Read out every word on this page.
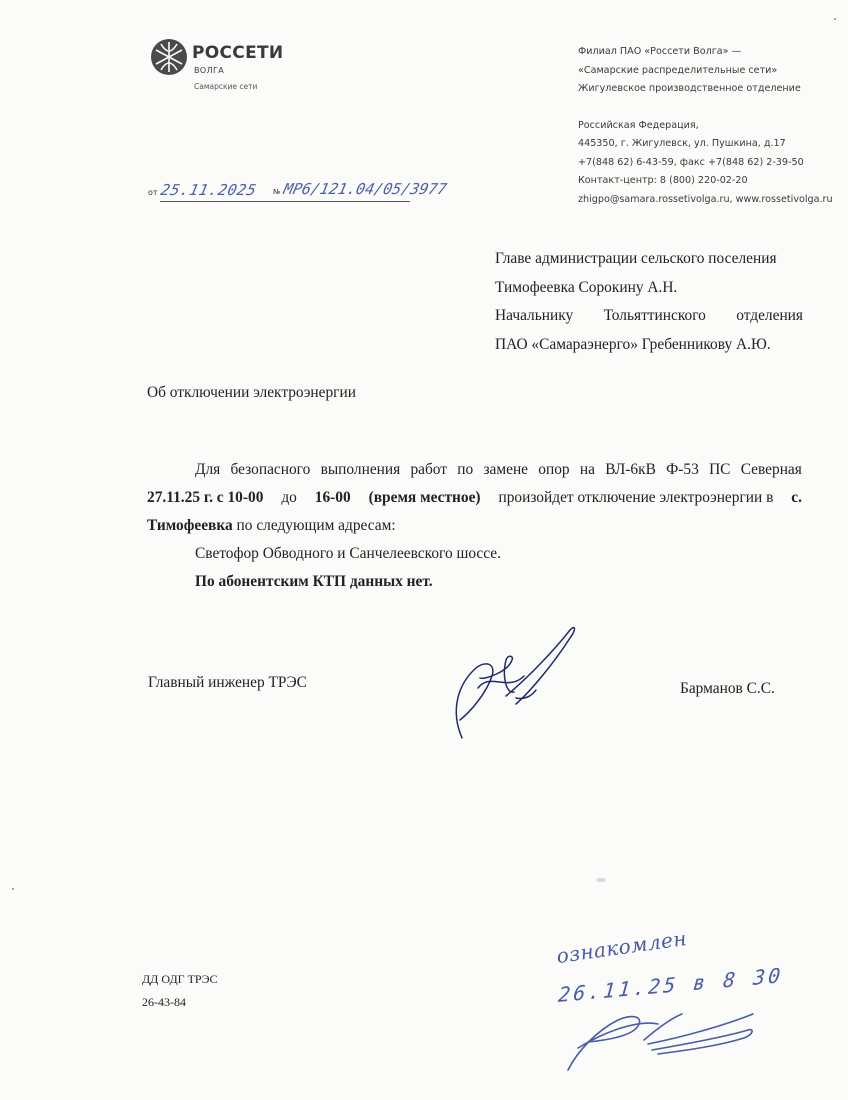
РОССЕТИ
ВОЛГА
Самарские сети
Филиал ПАО «Россети Волга» —
«Самарские распределительные сети»
Жигулевское производственное отделение
Российская Федерация,
445350, г. Жигулевск, ул. Пушкина, д.17
+7(848 62) 6-43-59, факс +7(848 62) 2-39-50
Контакт-центр: 8 (800) 220-02-20
zhigpo@samara.rossetivolga.ru, www.rossetivolga.ru
от 25.11.2025 № МР6/121.04/05/3977
Главе администрации сельского поселения
Тимофеевка Сорокину А.Н.
Начальнику Тольяттинского отделения
ПАО «Самараэнерго» Гребенникову А.Ю.
Об отключении электроэнергии
Для безопасного выполнения работ по замене опор на ВЛ-6кВ Ф-53 ПС Северная
27.11.25 г. с 10-00 до 16-00 (время местное) произойдет отключение электроэнергии в с.
Тимофеевка по следующим адресам:
Светофор Обводного и Санчелеевского шоссе.
По абонентским КТП данных нет.
Главный инженер ТРЭС	Барманов С.С.
ДД ОДГ ТРЭС
26-43-84
ознакомлен
26.11.25 в 8 30
